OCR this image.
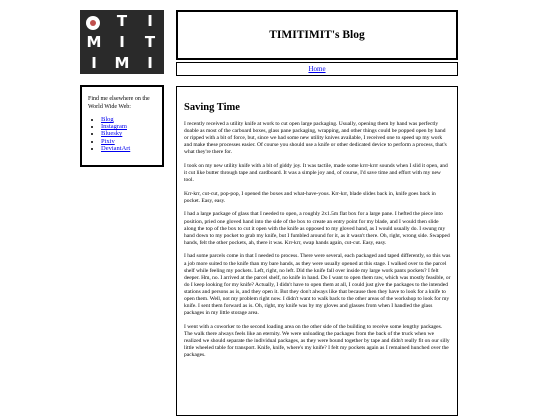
T	I
M	I	T
I	M	I
TIMITIMIT's Blog
Home

Find me elsewhere on the World Wide Web:

• Blog
• Instagram
• Bluesky
• Pixiv
• DeviantArt
Saving Time

I recently received a utility knife at work to cut open large packaging. Usually, opening them by hand was perfectly doable as most of the carboard boxes, glass pane packaging, wrapping, and other things could be popped open by hand or ripped with a bit of force, but, since we had some new utility knives available, I received one to speed up my work and make these processes easier. Of course you should use a knife or other dedicated device to perform a process, that's what they're there for.

I took on my new utility knife with a bit of giddy joy. It was tactile, made some krrr-krrr sounds when I slid it open, and it cut like butter through tape and cardboard. It was a simple joy and, of course, I'd save time and effort with my new tool.

Krr-krr, cut-cut, pop-pop, I opened the boxes and what-have-yous. Krr-krr, blade slides back in, knife goes back in pocket. Easy, easy.

I had a large package of glass that I needed to open, a roughly 2x1.5m flat box for a large pane. I hefted the piece into position, pried one gloved hand into the side of the box to create an entry point for my blade, and I would then slide along the top of the box to cut it open with the knife as opposed to my gloved hand, as I would usually do. I swung my hand down to my pocket to grab my knife, but I fumbled around for it, as it wasn't there. Oh, right, wrong side. Swapped hands, felt the other pockets, ah, there it was. Krr-krr, swap hands again, cut-cut. Easy, easy.

I had some parcels come in that I needed to process. There were several, each packaged and taped differently, so this was a job more suited to the knife than my bare hands, as they were usually opened at this stage. I walked over to the parcel shelf while feeling my pockets. Left, right, no left. Did the knife fall over inside my large work pants pockets? I felt deeper. Hm, no. I arrived at the parcel shelf, no knife in hand. Do I want to open them raw, which was mostly feasible, or do I keep looking for my knife? Actually, I didn't have to open them at all, I could just give the packages to the intended stations and persons as is, and they open it. But they don't always like that because then they have to look for a knife to open them. Well, not my problem right now. I didn't want to walk back to the other areas of the workshop to look for my knife. I sent them forward as is. Oh, right, my knife was by my gloves and glasses from when I handled the glass packages in my little storage area.

I went with a coworker to the second loading area on the other side of the building to receive some lengthy packages. The walk there always feels like an eternity. We were unloading the packages from the back of the truck when we realized we should separate the individual packages, as they were bound together by tape and didn't really fit on our silly little wheeled table for transport. Knife, knife, where's my knife? I felt my pockets again as I remained hunched over the packages.
